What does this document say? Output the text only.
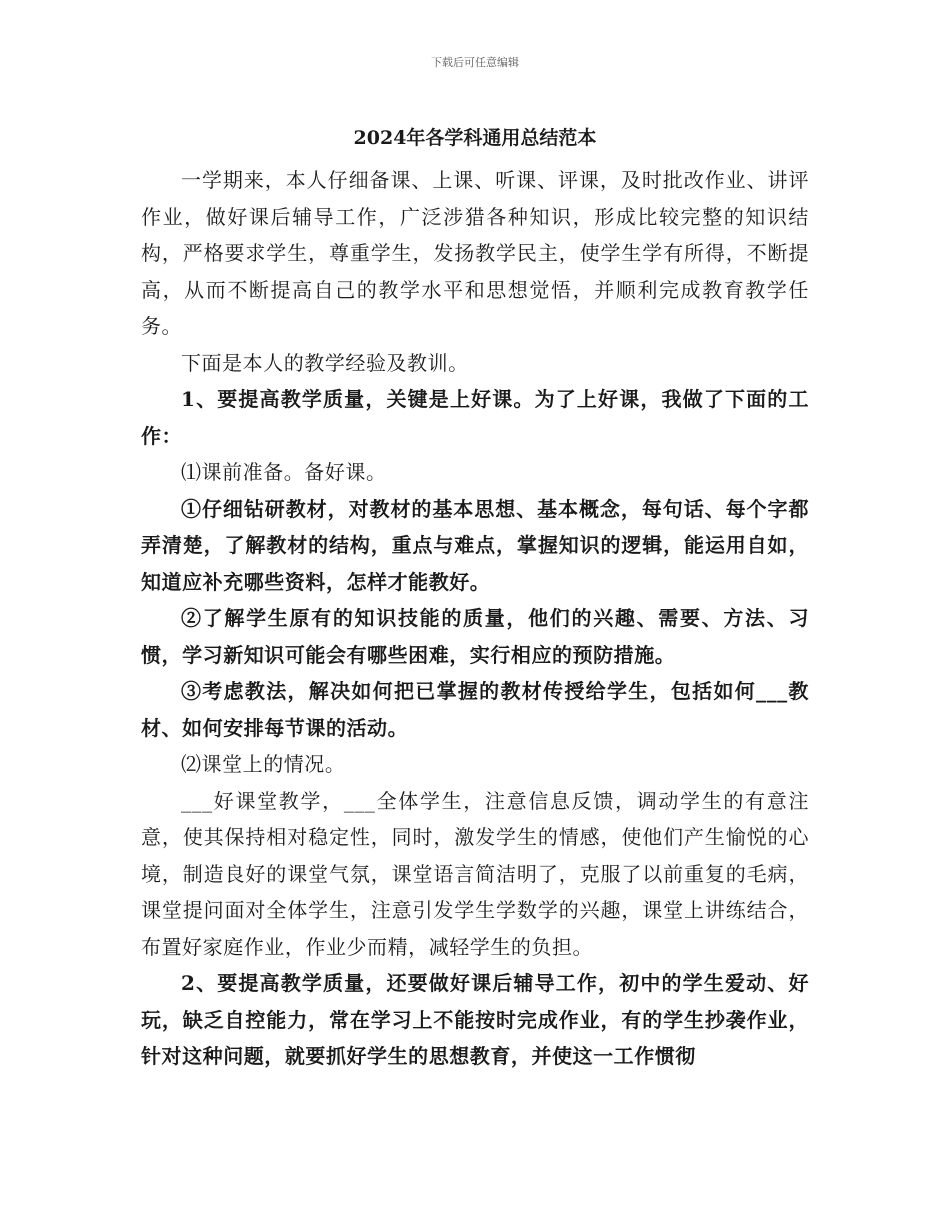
下载后可任意编辑
2024年各学科通用总结范本

一学期来，本人仔细备课、上课、听课、评课，及时批改作业、讲评作业，做好课后辅导工作，广泛涉猎各种知识，形成比较完整的知识结构，严格要求学生，尊重学生，发扬教学民主，使学生学有所得，不断提高，从而不断提高自己的教学水平和思想觉悟，并顺利完成教育教学任务。

下面是本人的教学经验及教训。

1、要提高教学质量，关键是上好课。为了上好课，我做了下面的工作：

⑴课前准备。备好课。

①仔细钻研教材，对教材的基本思想、基本概念，每句话、每个字都弄清楚，了解教材的结构，重点与难点，掌握知识的逻辑，能运用自如，知道应补充哪些资料，怎样才能教好。

②了解学生原有的知识技能的质量，他们的兴趣、需要、方法、习惯，学习新知识可能会有哪些困难，实行相应的预防措施。

③考虑教法，解决如何把已掌握的教材传授给学生，包括如何___教材、如何安排每节课的活动。

⑵课堂上的情况。

___好课堂教学，___全体学生，注意信息反馈，调动学生的有意注意，使其保持相对稳定性，同时，激发学生的情感，使他们产生愉悦的心境，制造良好的课堂气氛，课堂语言简洁明了，克服了以前重复的毛病，课堂提问面对全体学生，注意引发学生学数学的兴趣，课堂上讲练结合，布置好家庭作业，作业少而精，减轻学生的负担。

2、要提高教学质量，还要做好课后辅导工作，初中的学生爱动、好玩，缺乏自控能力，常在学习上不能按时完成作业，有的学生抄袭作业，针对这种问题，就要抓好学生的思想教育，并使这一工作惯彻
